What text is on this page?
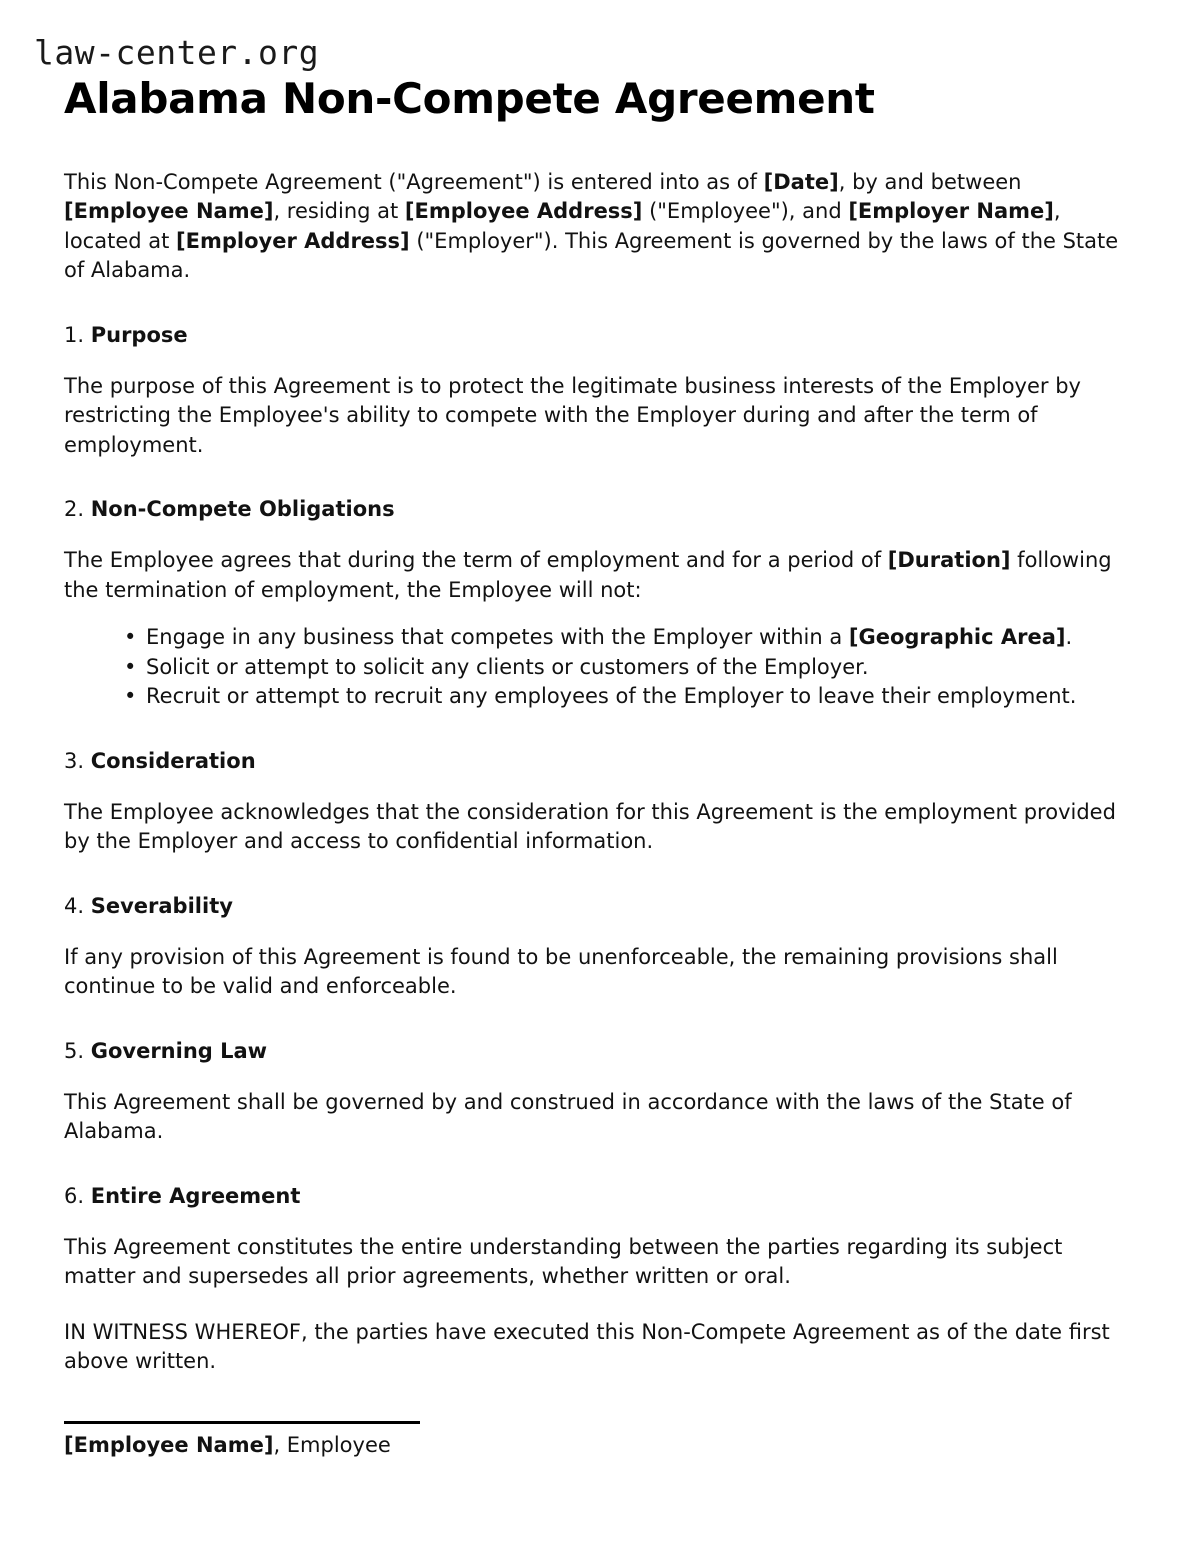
law-center.org
Alabama Non-Compete Agreement

This Non-Compete Agreement ("Agreement") is entered into as of [Date], by and between [Employee Name], residing at [Employee Address] ("Employee"), and [Employer Name], located at [Employer Address] ("Employer"). This Agreement is governed by the laws of the State of Alabama.

1. Purpose

The purpose of this Agreement is to protect the legitimate business interests of the Employer by restricting the Employee's ability to compete with the Employer during and after the term of employment.

2. Non-Compete Obligations

The Employee agrees that during the term of employment and for a period of [Duration] following the termination of employment, the Employee will not:

• Engage in any business that competes with the Employer within a [Geographic Area].
• Solicit or attempt to solicit any clients or customers of the Employer.
• Recruit or attempt to recruit any employees of the Employer to leave their employment.
3. Consideration

The Employee acknowledges that the consideration for this Agreement is the employment provided by the Employer and access to confidential information.

4. Severability

If any provision of this Agreement is found to be unenforceable, the remaining provisions shall continue to be valid and enforceable.

5. Governing Law

This Agreement shall be governed by and construed in accordance with the laws of the State of Alabama.

6. Entire Agreement

This Agreement constitutes the entire understanding between the parties regarding its subject matter and supersedes all prior agreements, whether written or oral.

IN WITNESS WHEREOF, the parties have executed this Non-Compete Agreement as of the date first above written.

[Employee Name], Employee
